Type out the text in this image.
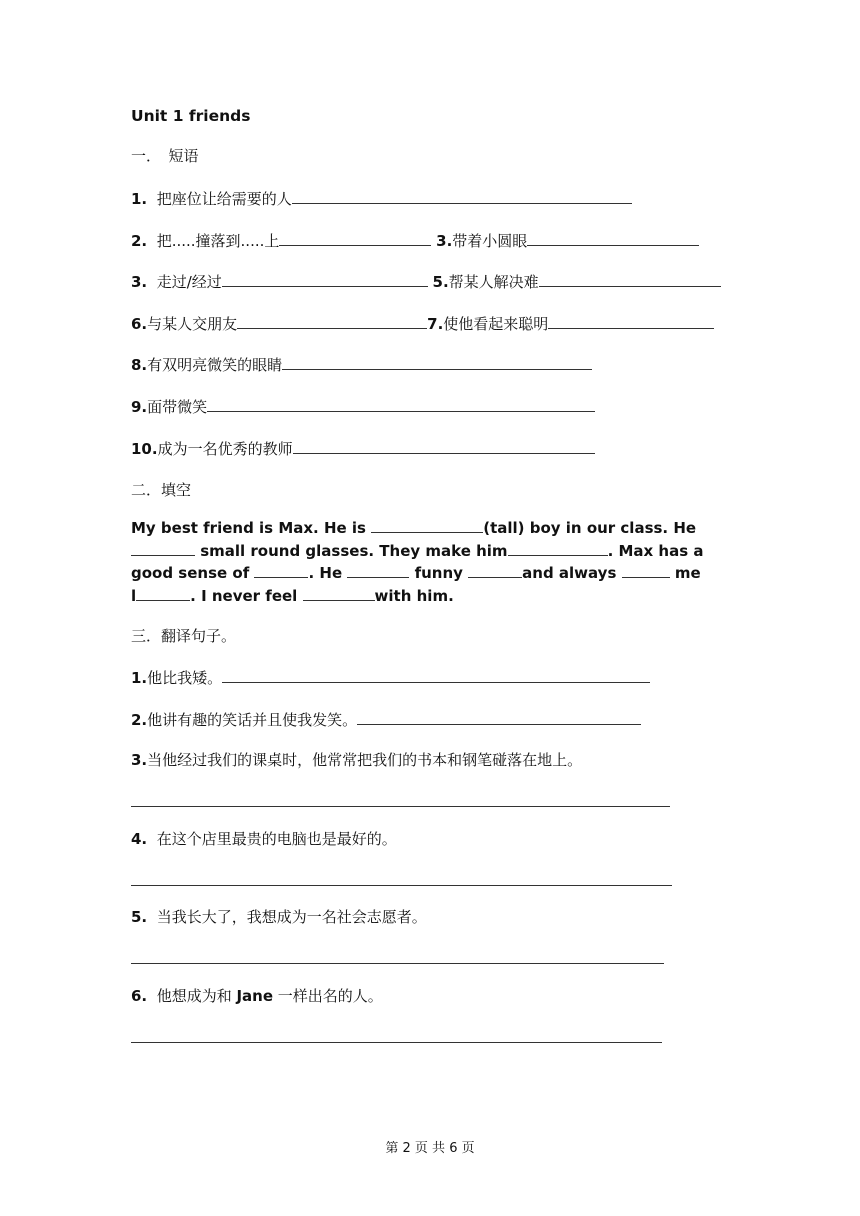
Unit 1 friends
一．　短语
1. 把座位让给需要的人
2. 把.....撞落到.....上	3.带着小圆眼
3. 走过/经过	5.帮某人解决难
6.与某人交朋友	7.使他看起来聪明
8.有双明亮微笑的眼睛
9.面带微笑
10.成为一名优秀的教师
二．填空
My best friend is Max. He is	(tall) boy in our class. He
small round glasses. They make him	. Max has a
good sense of	. He	funny	and always	me
l	. I never feel	with him.
三．翻译句子。
1.他比我矮。
2.他讲有趣的笑话并且使我发笑。
3.当他经过我们的课桌时，他常常把我们的书本和钢笔碰落在地上。
4. 在这个店里最贵的电脑也是最好的。
5. 当我长大了，我想成为一名社会志愿者。
6. 他想成为和 Jane 一样出名的人。
第 2 页 共 6 页
